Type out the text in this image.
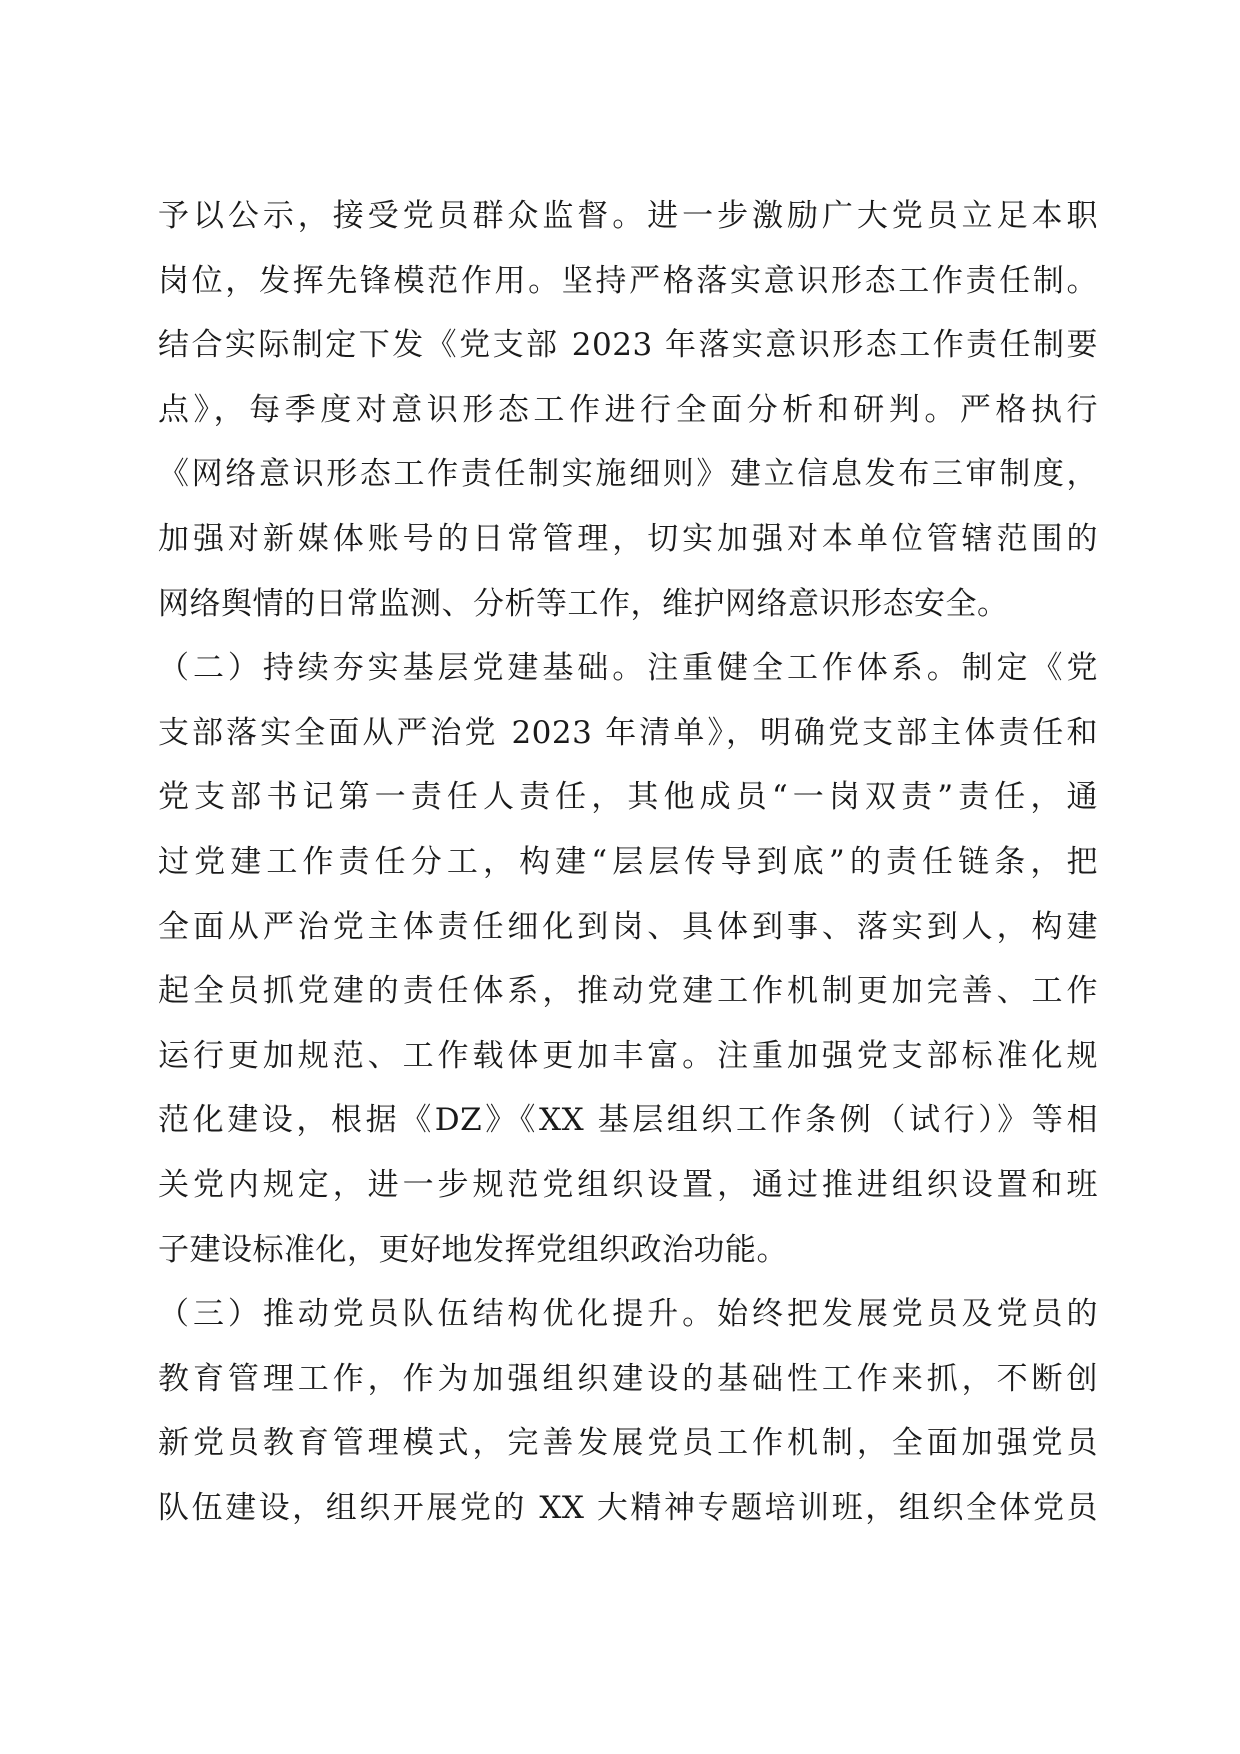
予以公示，接受党员群众监督。进一步激励广大党员立足本职
岗位，发挥先锋模范作用。坚持严格落实意识形态工作责任制。
结合实际制定下发《党支部 2023 年落实意识形态工作责任制要
点》，每季度对意识形态工作进行全面分析和研判。严格执行
《网络意识形态工作责任制实施细则》建立信息发布三审制度，
加强对新媒体账号的日常管理，切实加强对本单位管辖范围的
网络舆情的日常监测、分析等工作，维护网络意识形态安全。
（二）持续夯实基层党建基础。注重健全工作体系。制定《党
支部落实全面从严治党 2023 年清单》，明确党支部主体责任和
党支部书记第一责任人责任，其他成员“一岗双责”责任，通
过党建工作责任分工，构建“层层传导到底”的责任链条，把
全面从严治党主体责任细化到岗、具体到事、落实到人，构建
起全员抓党建的责任体系，推动党建工作机制更加完善、工作
运行更加规范、工作载体更加丰富。注重加强党支部标准化规
范化建设，根据《DZ》《XX 基层组织工作条例（试行）》等相
关党内规定，进一步规范党组织设置，通过推进组织设置和班
子建设标准化，更好地发挥党组织政治功能。
（三）推动党员队伍结构优化提升。始终把发展党员及党员的
教育管理工作，作为加强组织建设的基础性工作来抓，不断创
新党员教育管理模式，完善发展党员工作机制，全面加强党员
队伍建设，组织开展党的 XX 大精神专题培训班，组织全体党员
